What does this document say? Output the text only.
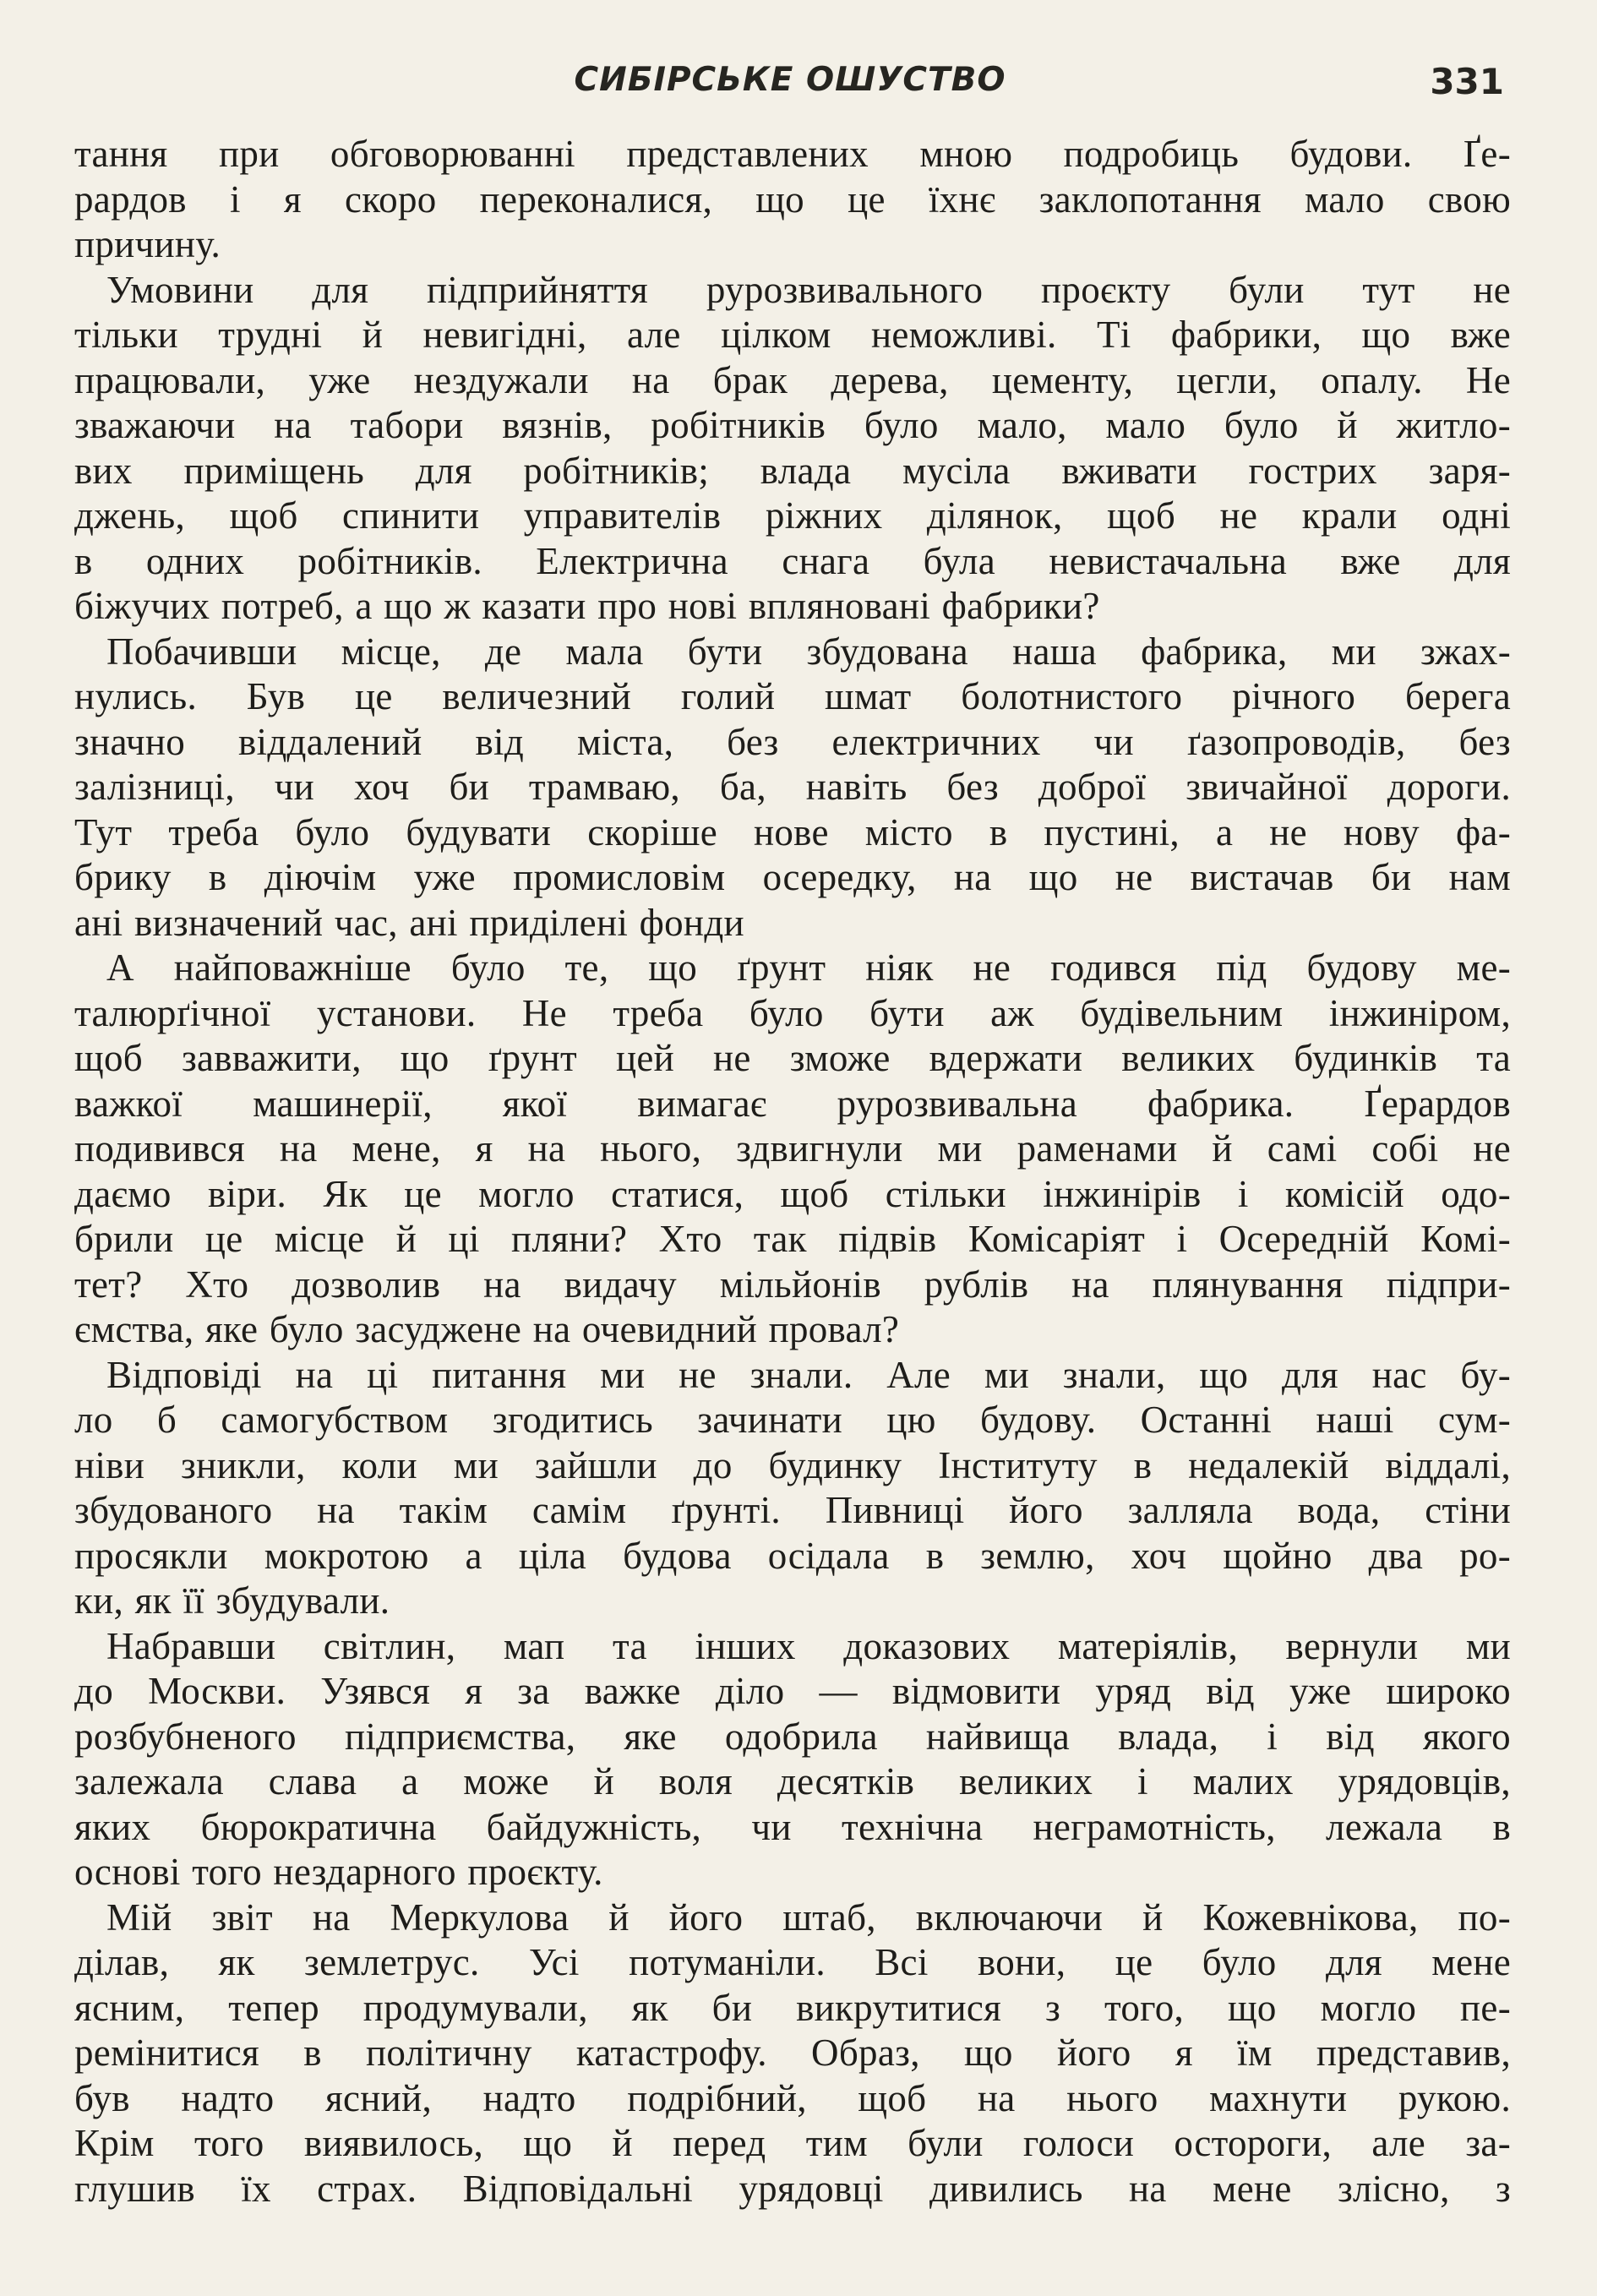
СИБІРСЬКЕ ОШУСТВО	331
тання при обговорюванні представлених мною подробиць будови. Ґе-
рардов і я скоро переконалися, що це їхнє заклопотання мало свою
причину.
Умовини для підприйняття рурозвивального проєкту були тут не
тільки трудні й невигідні, але цілком неможливі. Ті фабрики, що вже
працювали, уже нездужали на брак дерева, цементу, цегли, опалу. Не
зважаючи на табори вязнів, робітників було мало, мало було й житло-
вих приміщень для робітників; влада мусіла вживати гострих заря-
джень, щоб спинити управителів ріжних ділянок, щоб не крали одні
в одних робітників. Електрична снага була невистачальна вже для
біжучих потреб, а що ж казати про нові впляновані фабрики?
Побачивши місце, де мала бути збудована наша фабрика, ми зжах-
нулись. Був це величезний голий шмат болотнистого річного берега
значно віддалений від міста, без електричних чи ґазопроводів, без
залізниці, чи хоч би трамваю, ба, навіть без доброї звичайної дороги.
Тут треба було будувати скоріше нове місто в пустині, а не нову фа-
брику в діючім уже промисловім осередку, на що не вистачав би нам
ані визначений час, ані приділені фонди
А найповажніше було те, що ґрунт ніяк не годився під будову ме-
талюрґічної установи. Не треба було бути аж будівельним інжиніром,
щоб завважити, що ґрунт цей не зможе вдержати великих будинків та
важкої машинерії, якої вимагає рурозвивальна фабрика. Ґерардов
подивився на мене, я на нього, здвигнули ми раменами й самі собі не
даємо віри. Як це могло статися, щоб стільки інжинірів і комісій одо-
брили це місце й ці пляни? Хто так підвів Комісаріят і Осередній Комі-
тет? Хто дозволив на видачу мільйонів рублів на плянування підпри-
ємства, яке було засуджене на очевидний провал?
Відповіді на ці питання ми не знали. Але ми знали, що для нас бу-
ло б самогубством згодитись зачинати цю будову. Останні наші сум-
ніви зникли, коли ми зайшли до будинку Інституту в недалекій віддалі,
збудованого на такім самім ґрунті. Пивниці його залляла вода, стіни
просякли мокротою а ціла будова осідала в землю, хоч щойно два ро-
ки, як її збудували.
Набравши світлин, мап та інших доказових матеріялів, вернули ми
до Москви. Узявся я за важке діло — відмовити уряд від уже широко
розбубненого підприємства, яке одобрила найвища влада, і від якого
залежала слава а може й воля десятків великих і малих урядовців,
яких бюрократична байдужність, чи технічна неграмотність, лежала в
основі того нездарного проєкту.
Мій звіт на Меркулова й його штаб, включаючи й Кожевнікова, по-
ділав, як землетрус. Усі потуманіли. Всі вони, це було для мене
ясним, тепер продумували, як би викрутитися з того, що могло пе-
ремінитися в політичну катастрофу. Образ, що його я їм представив,
був надто ясний, надто подрібний, щоб на нього махнути рукою.
Крім того виявилось, що й перед тим були голоси осторoги, але за-
глушив їх страх. Відповідальні урядовці дивились на мене злісно, з
